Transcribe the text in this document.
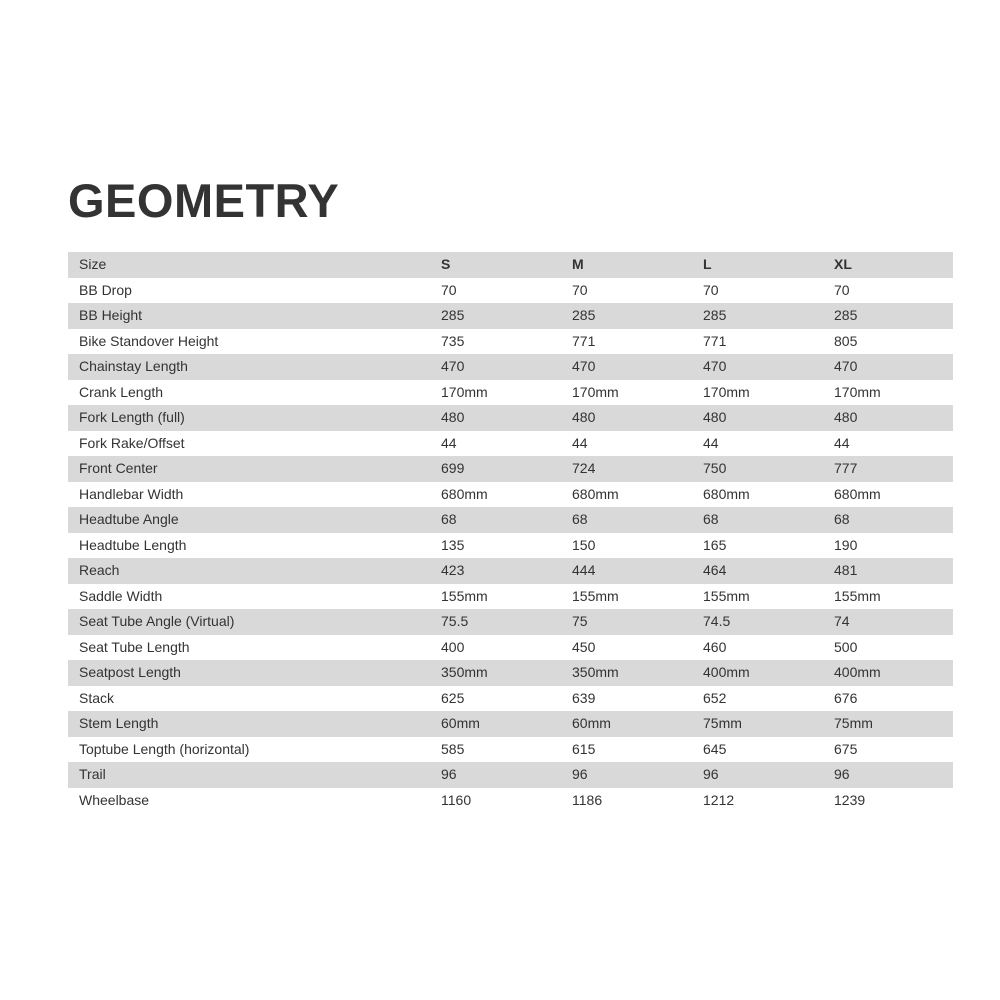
GEOMETRY
Size	S	M	L	XL
BB Drop	70	70	70	70
BB Height	285	285	285	285
Bike Standover Height	735	771	771	805
Chainstay Length	470	470	470	470
Crank Length	170mm	170mm	170mm	170mm
Fork Length (full)	480	480	480	480
Fork Rake/Offset	44	44	44	44
Front Center	699	724	750	777
Handlebar Width	680mm	680mm	680mm	680mm
Headtube Angle	68	68	68	68
Headtube Length	135	150	165	190
Reach	423	444	464	481
Saddle Width	155mm	155mm	155mm	155mm
Seat Tube Angle (Virtual)	75.5	75	74.5	74
Seat Tube Length	400	450	460	500
Seatpost Length	350mm	350mm	400mm	400mm
Stack	625	639	652	676
Stem Length	60mm	60mm	75mm	75mm
Toptube Length (horizontal)	585	615	645	675
Trail	96	96	96	96
Wheelbase	1160	1186	1212	1239
